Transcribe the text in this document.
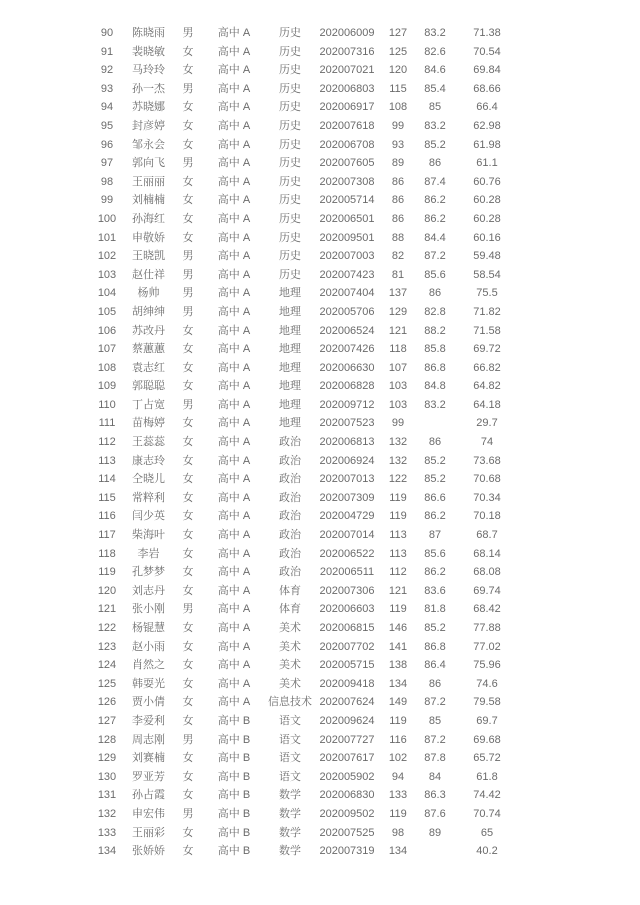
90	陈晓雨	男	高中 A	历史	202006009	127	83.2	71.38
91	裴晓敏	女	高中 A	历史	202007316	125	82.6	70.54
92	马玲玲	女	高中 A	历史	202007021	120	84.6	69.84
93	孙一杰	男	高中 A	历史	202006803	115	85.4	68.66
94	苏晓娜	女	高中 A	历史	202006917	108	85	66.4
95	封彦婷	女	高中 A	历史	202007618	99	83.2	62.98
96	邹永会	女	高中 A	历史	202006708	93	85.2	61.98
97	郭向飞	男	高中 A	历史	202007605	89	86	61.1
98	王丽丽	女	高中 A	历史	202007308	86	87.4	60.76
99	刘楠楠	女	高中 A	历史	202005714	86	86.2	60.28
100	孙海红	女	高中 A	历史	202006501	86	86.2	60.28
101	申敬娇	女	高中 A	历史	202009501	88	84.4	60.16
102	王晓凯	男	高中 A	历史	202007003	82	87.2	59.48
103	赵仕祥	男	高中 A	历史	202007423	81	85.6	58.54
104	杨帅	男	高中 A	地理	202007404	137	86	75.5
105	胡绅绅	男	高中 A	地理	202005706	129	82.8	71.82
106	苏改丹	女	高中 A	地理	202006524	121	88.2	71.58
107	蔡蕙蕙	女	高中 A	地理	202007426	118	85.8	69.72
108	袁志红	女	高中 A	地理	202006630	107	86.8	66.82
109	郭聪聪	女	高中 A	地理	202006828	103	84.8	64.82
110	丁占宽	男	高中 A	地理	202009712	103	83.2	64.18
111	苗梅婷	女	高中 A	地理	202007523	99		29.7
112	王蕊蕊	女	高中 A	政治	202006813	132	86	74
113	康志玲	女	高中 A	政治	202006924	132	85.2	73.68
114	仝晓儿	女	高中 A	政治	202007013	122	85.2	70.68
115	常粹利	女	高中 A	政治	202007309	119	86.6	70.34
116	闫少英	女	高中 A	政治	202004729	119	86.2	70.18
117	柴海叶	女	高中 A	政治	202007014	113	87	68.7
118	李岩	女	高中 A	政治	202006522	113	85.6	68.14
119	孔梦梦	女	高中 A	政治	202006511	112	86.2	68.08
120	刘志丹	女	高中 A	体育	202007306	121	83.6	69.74
121	张小刚	男	高中 A	体育	202006603	119	81.8	68.42
122	杨锟慧	女	高中 A	美术	202006815	146	85.2	77.88
123	赵小雨	女	高中 A	美术	202007702	141	86.8	77.02
124	肖然之	女	高中 A	美术	202005715	138	86.4	75.96
125	韩耍光	女	高中 A	美术	202009418	134	86	74.6
126	贾小倩	女	高中 A	信息技术	202007624	149	87.2	79.58
127	李爱利	女	高中 B	语文	202009624	119	85	69.7
128	周志刚	男	高中 B	语文	202007727	116	87.2	69.68
129	刘赛楠	女	高中 B	语文	202007617	102	87.8	65.72
130	罗亚芳	女	高中 B	语文	202005902	94	84	61.8
131	孙占霞	女	高中 B	数学	202006830	133	86.3	74.42
132	申宏伟	男	高中 B	数学	202009502	119	87.6	70.74
133	王丽彩	女	高中 B	数学	202007525	98	89	65
134	张娇娇	女	高中 B	数学	202007319	134		40.2
